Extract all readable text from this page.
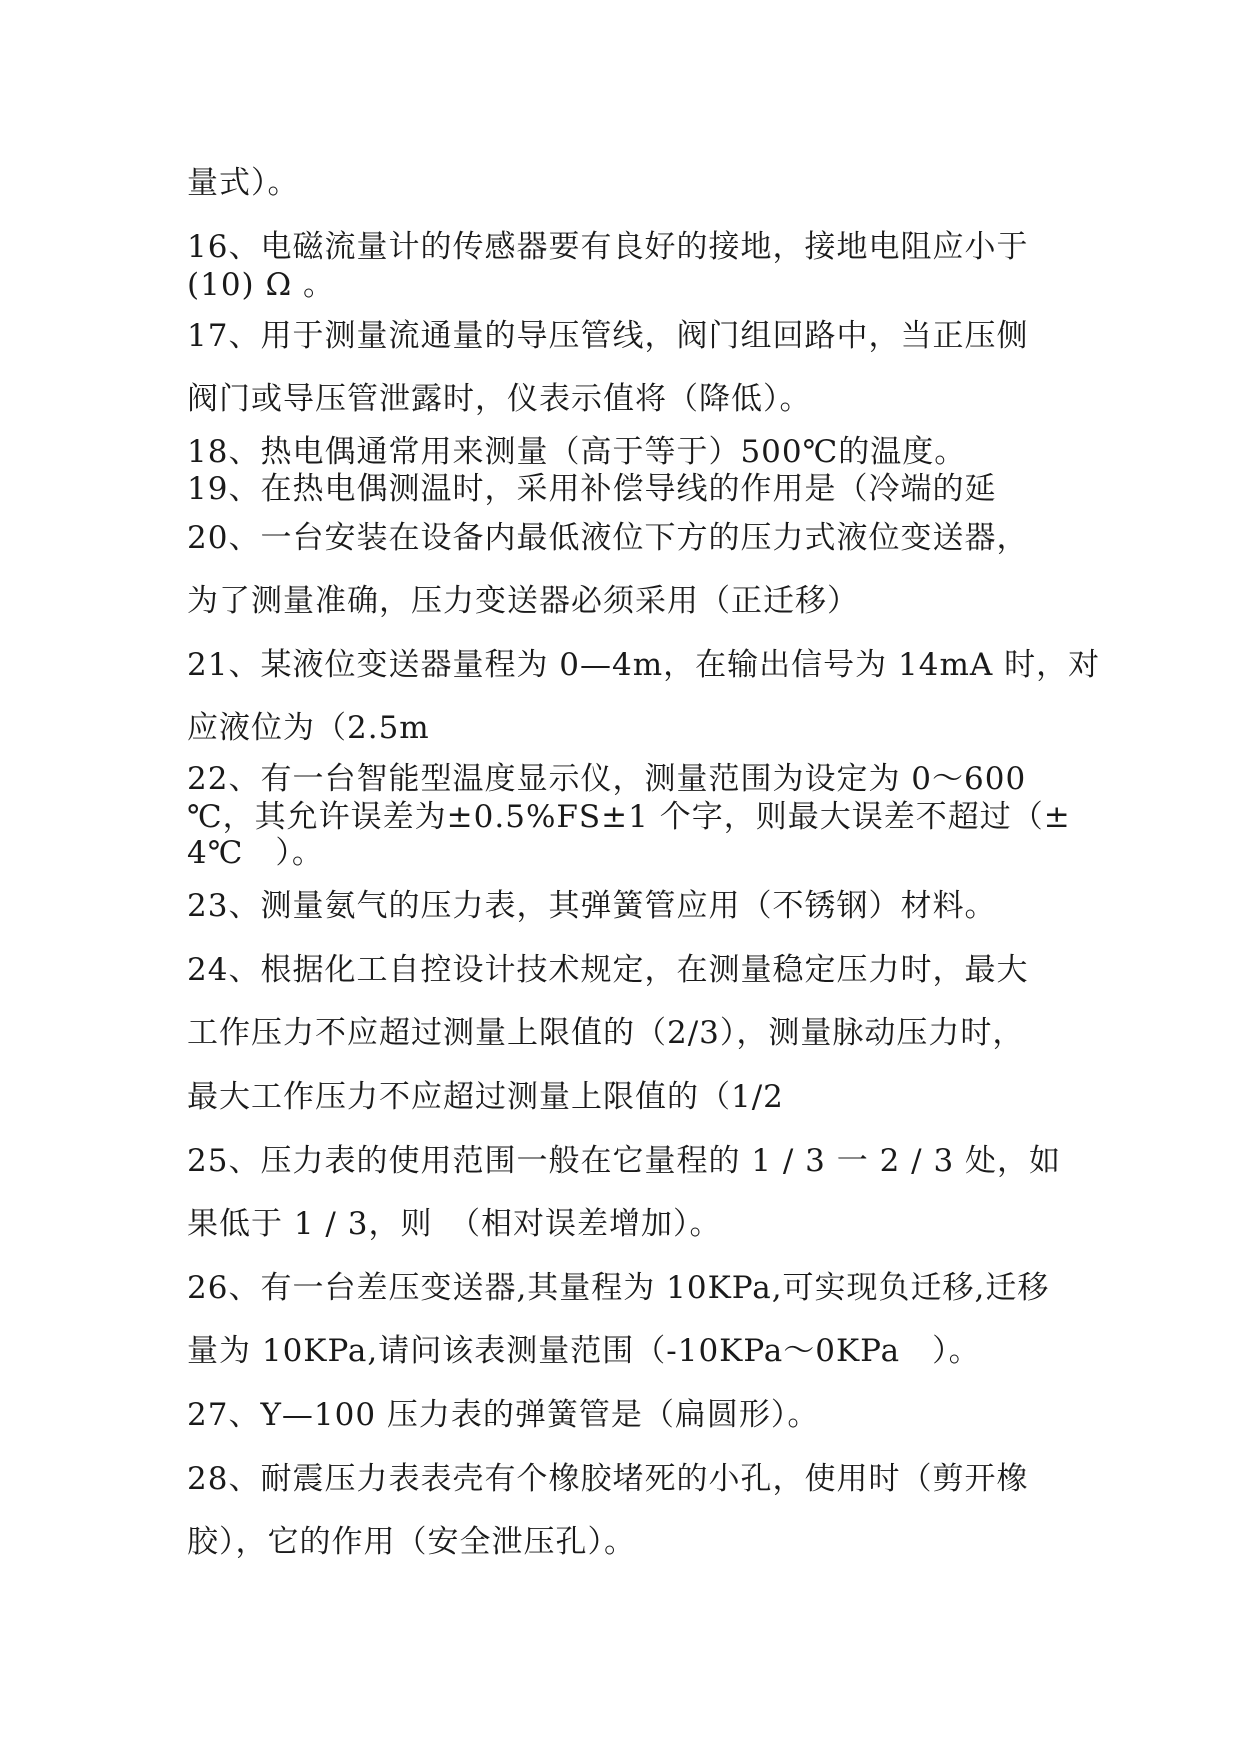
量式）。

16、电磁流量计的传感器要有良好的接地，接地电阻应小于

(10) Ω 。

17、用于测量流通量的导压管线，阀门组回路中，当正压侧

阀门或导压管泄露时，仪表示值将（降低）。

18、热电偶通常用来测量（高于等于）500℃的温度。

19、在热电偶测温时，采用补偿导线的作用是（冷端的延

20、一台安装在设备内最低液位下方的压力式液位变送器，

为了测量准确，压力变送器必须采用（正迁移）

21、某液位变送器量程为 0—4m，在输出信号为 14mA 时，对

应液位为（2.5m

22、有一台智能型温度显示仪，测量范围为设定为 0～600

℃，其允许误差为±0.5%FS±1 个字，则最大误差不超过（±

4℃　）。

23、测量氨气的压力表，其弹簧管应用（不锈钢）材料。

24、根据化工自控设计技术规定，在测量稳定压力时，最大

工作压力不应超过测量上限值的（2/3），测量脉动压力时，

最大工作压力不应超过测量上限值的（1/2

25、压力表的使用范围一般在它量程的 1 / 3 一 2 / 3 处，如

果低于 1 / 3，则　（相对误差增加）。

26、有一台差压变送器,其量程为 10KPa,可实现负迁移,迁移

量为 10KPa,请问该表测量范围（-10KPa～0KPa　）。

27、Y—100 压力表的弹簧管是（扁圆形）。

28、耐震压力表表壳有个橡胶堵死的小孔，使用时（剪开橡

胶），它的作用（安全泄压孔）。
